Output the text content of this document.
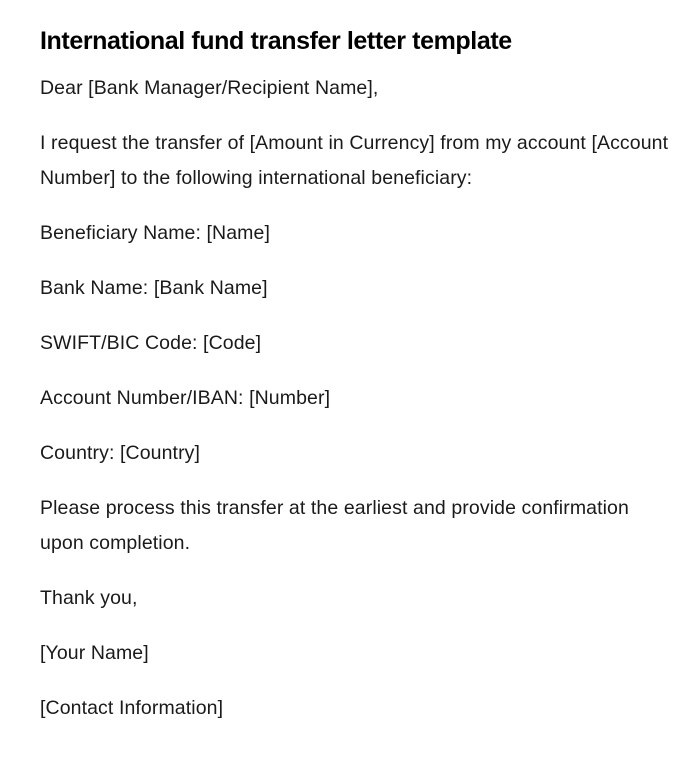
International fund transfer letter template

Dear [Bank Manager/Recipient Name],

I request the transfer of [Amount in Currency] from my account [Account Number] to the following international beneficiary:

Beneficiary Name: [Name]

Bank Name: [Bank Name]

SWIFT/BIC Code: [Code]

Account Number/IBAN: [Number]

Country: [Country]

Please process this transfer at the earliest and provide confirmation upon completion.

Thank you,

[Your Name]

[Contact Information]
